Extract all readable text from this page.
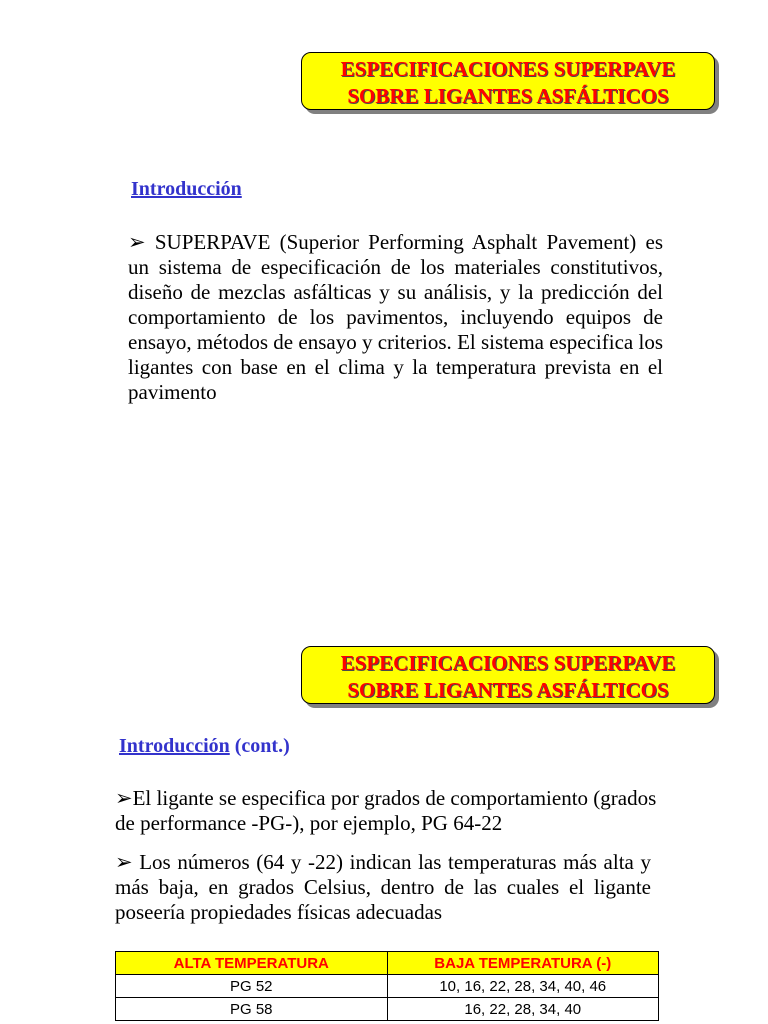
ESPECIFICACIONES SUPERPAVE
SOBRE LIGANTES ASFÁLTICOS
Introducción
➢ SUPERPAVE (Superior Performing Asphalt Pavement) es un sistema de especificación de los materiales constitutivos, diseño de mezclas asfálticas y su análisis, y la predicción del comportamiento de los pavimentos, incluyendo equipos de ensayo, métodos de ensayo y criterios. El sistema especifica los ligantes con base en el clima y la temperatura prevista en el pavimento
ESPECIFICACIONES SUPERPAVE
SOBRE LIGANTES ASFÁLTICOS
Introducción (cont.)
➢El ligante se especifica por grados de comportamiento (grados de performance -PG-), por ejemplo, PG 64-22
➢ Los números (64 y -22) indican las temperaturas más alta y más baja, en grados Celsius, dentro de las cuales el ligante poseería propiedades físicas adecuadas
ALTA TEMPERATURA	BAJA TEMPERATURA (-)
PG 52	10, 16, 22, 28, 34, 40, 46
PG 58	16, 22, 28, 34, 40
